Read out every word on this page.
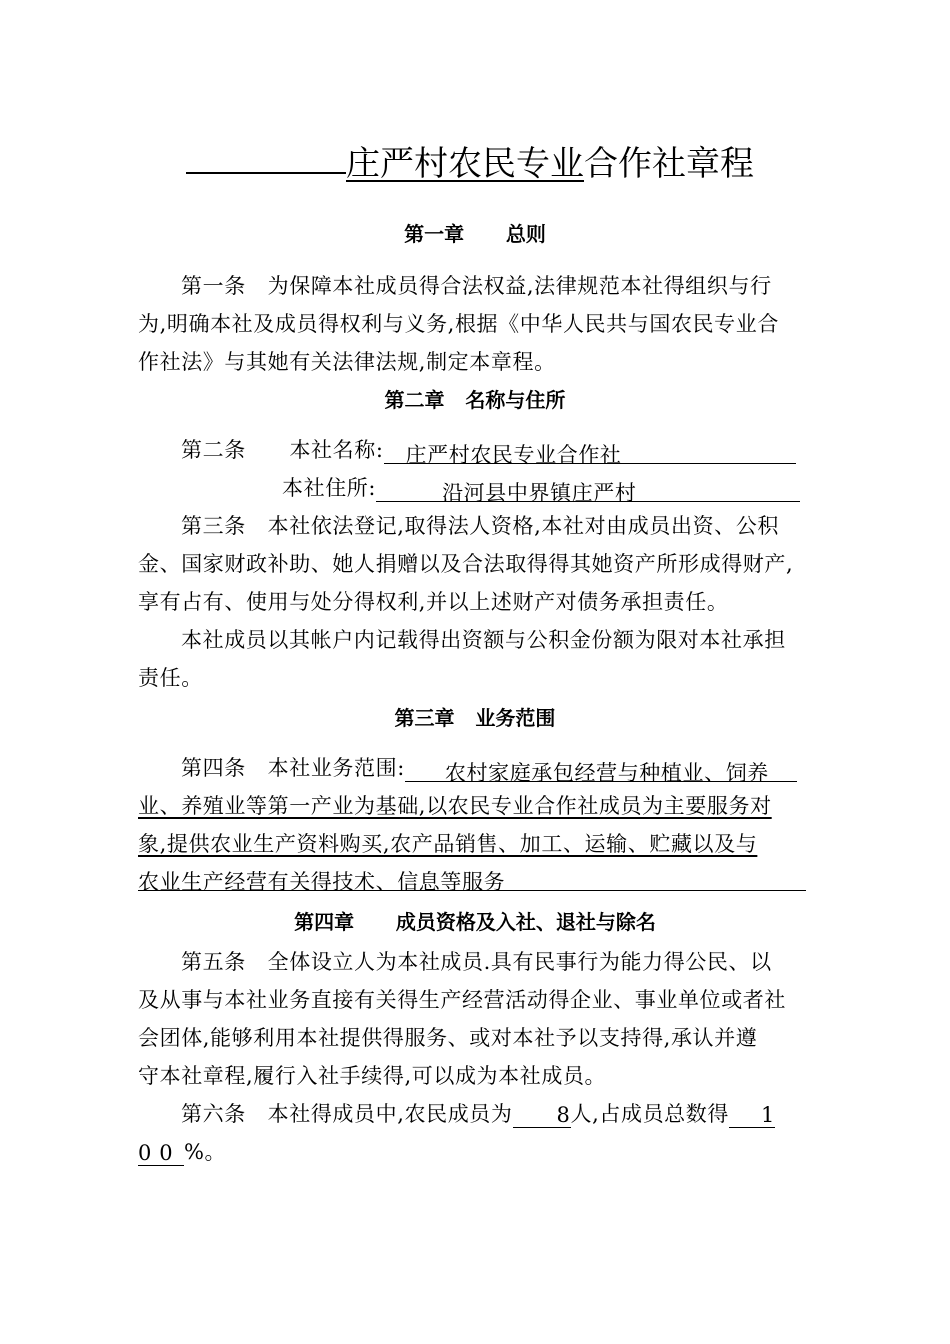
庄严村农民专业合作社章程
第一章      总则
第一条   为保障本社成员得合法权益,法律规范本社得组织与行
为,明确本社及成员得权利与义务,根据《中华人民共与国农民专业合
作社法》与其她有关法律法规,制定本章程。
第二章   名称与住所
第二条      本社名称: 庄严村农民专业合作社
本社住所:	沿河县中界镇庄严村
第三条   本社依法登记,取得法人资格,本社对由成员出资、公积
金、国家财政补助、她人捐赠以及合法取得得其她资产所形成得财产,
享有占有、使用与处分得权利,并以上述财产对债务承担责任。
本社成员以其帐户内记载得出资额与公积金份额为限对本社承担
责任。
第三章   业务范围
第四条   本社业务范围: 农村家庭承包经营与种植业、饲养
业、养殖业等第一产业为基础,以农民专业合作社成员为主要服务对
象,提供农业生产资料购买,农产品销售、加工、运输、贮藏以及与
农业生产经营有关得技术、信息等服务
第四章      成员资格及入社、退社与除名
第五条   全体设立人为本社成员.具有民事行为能力得公民、以
及从事与本社业务直接有关得生产经营活动得企业、事业单位或者社
会团体,能够利用本社提供得服务、或对本社予以支持得,承认并遵
守本社章程,履行入社手续得,可以成为本社成员。
第六条   本社得成员中,农民成员为 8人,占成员总数得 1
0 0 %。
